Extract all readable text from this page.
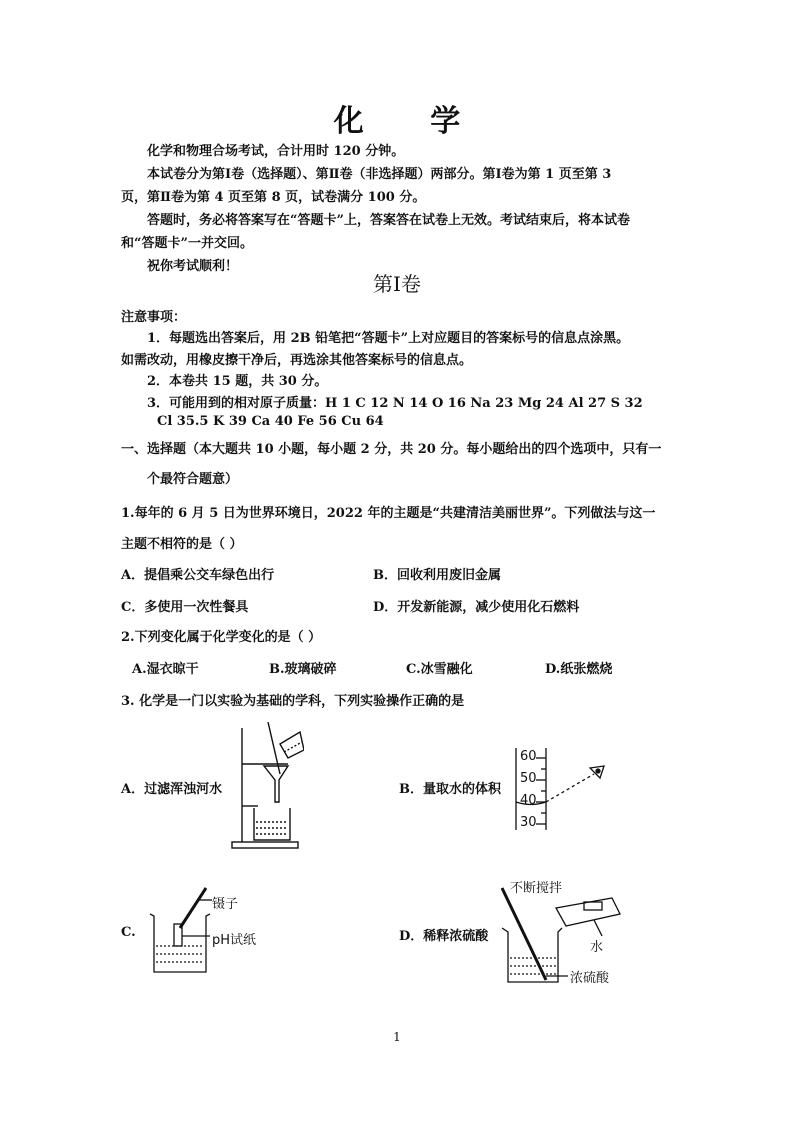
化 学
化学和物理合场考试，合计用时 120 分钟。
本试卷分为第Ⅰ卷（选择题）、第Ⅱ卷（非选择题）两部分。第Ⅰ卷为第 1 页至第 3
页，第Ⅱ卷为第 4 页至第 8 页，试卷满分 100 分。
答题时，务必将答案写在“答题卡”上，答案答在试卷上无效。考试结束后，将本试卷
和“答题卡”一并交回。
祝你考试顺利！
第Ⅰ卷
注意事项：
1．每题选出答案后，用 2B 铅笔把“答题卡”上对应题目的答案标号的信息点涂黑。
如需改动，用橡皮擦干净后，再选涂其他答案标号的信息点。
2．本卷共 15 题，共 30 分。
3．可能用到的相对原子质量：H 1 C 12 N 14 O 16 Na 23 Mg 24 Al 27 S 32
Cl 35.5 K 39 Ca 40 Fe 56 Cu 64
一、选择题（本大题共 10 小题，每小题 2 分，共 20 分。每小题给出的四个选项中，只有一
个最符合题意）
1.每年的 6 月 5 日为世界环境日，2022 年的主题是“共建清洁美丽世界”。下列做法与这一
主题不相符的是（ ）
A．提倡乘公交车绿色出行	B．回收利用废旧金属
C．多使用一次性餐具	D．开发新能源，减少使用化石燃料
2.下列变化属于化学变化的是（ ）
A.湿衣晾干	B.玻璃破碎	C.冰雪融化	D.纸张燃烧
3. 化学是一门以实验为基础的学科，下列实验操作正确的是
A．过滤浑浊河水	B．量取水的体积
C.	D．稀释浓硫酸
60
50
40
30
镊子
pH试纸
不断搅拌
水
浓硫酸
1
